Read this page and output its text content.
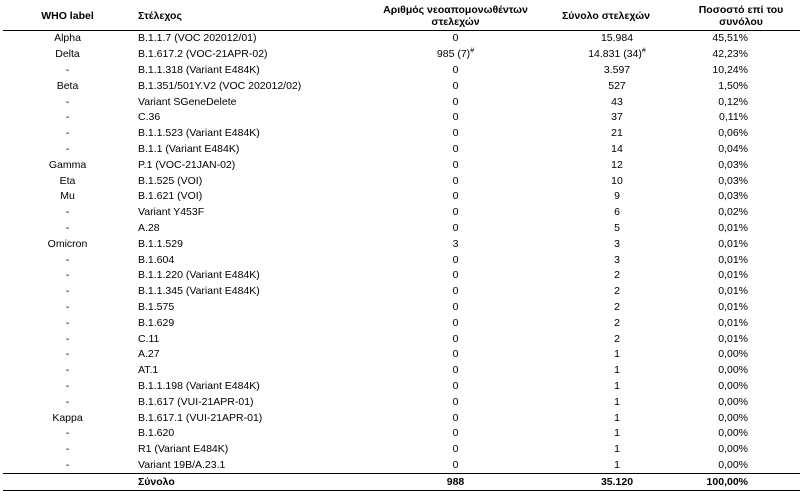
WHO label	Στέλεχος	Αριθμός νεοαπομονωθέντων στελεχών	Σύνολο στελεχών	Ποσοστό επί του συνόλου
Alpha	B.1.1.7 (VOC 202012/01)	0	15.984	45,51%
Delta	B.1.617.2 (VOC-21APR-02)	985 (7)#	14.831 (34)#	42,23%
-	B.1.1.318 (Variant E484K)	0	3.597	10,24%
Beta	B.1.351/501Y.V2 (VOC 202012/02)	0	527	1,50%
-	Variant SGeneDelete	0	43	0,12%
-	C.36	0	37	0,11%
-	B.1.1.523 (Variant E484K)	0	21	0,06%
-	B.1.1 (Variant E484K)	0	14	0,04%
Gamma	P.1 (VOC-21JAN-02)	0	12	0,03%
Eta	B.1.525 (VOI)	0	10	0,03%
Mu	B.1.621 (VOI)	0	9	0,03%
-	Variant Y453F	0	6	0,02%
-	A.28	0	5	0,01%
Omicron	B.1.1.529	3	3	0,01%
-	B.1.604	0	3	0,01%
-	B.1.1.220 (Variant E484K)	0	2	0,01%
-	B.1.1.345 (Variant E484K)	0	2	0,01%
-	B.1.575	0	2	0,01%
-	B.1.629	0	2	0,01%
-	C.11	0	2	0,01%
-	A.27	0	1	0,00%
-	AT.1	0	1	0,00%
-	B.1.1.198 (Variant E484K)	0	1	0,00%
-	B.1.617 (VUI-21APR-01)	0	1	0,00%
Kappa	B.1.617.1 (VUI-21APR-01)	0	1	0,00%
-	B.1.620	0	1	0,00%
-	R1 (Variant E484K)	0	1	0,00%
-	Variant 19B/A.23.1	0	1	0,00%
	Σύνολο	988	35.120	100,00%
